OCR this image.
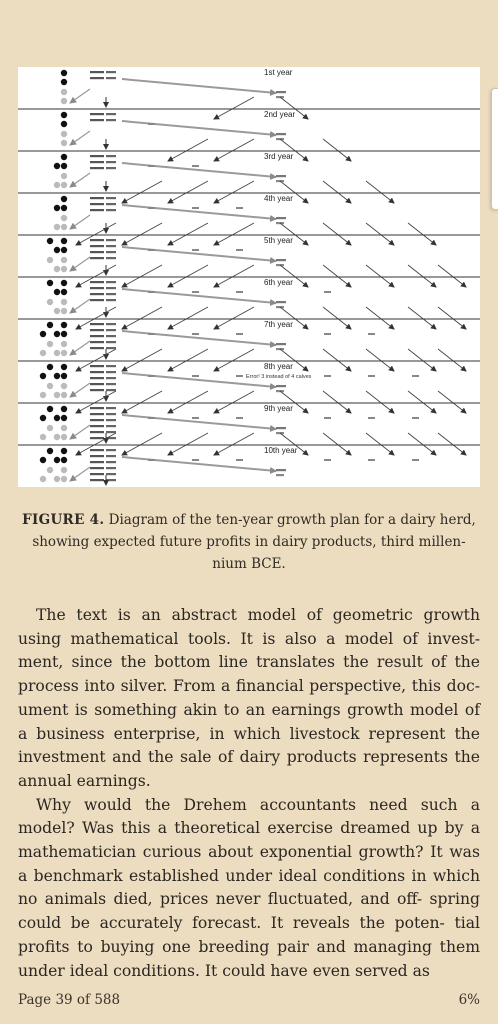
1st year
2nd year
3rd year
4th year
5th year
6th year
7th year
8th year
9th year
10th year
Error! 3 instead of 4 calves
FIGURE 4. Diagram of the ten-year growth plan for a dairy herd, showing expected future profits in dairy products, third millen- nium BCE.

The text is an abstract model of geometric growth using mathematical tools. It is also a model of invest- ment, since the bottom line translates the result of the process into silver. From a financial perspective, this doc- ument is something akin to an earnings growth model of a business enterprise, in which livestock represent the investment and the sale of dairy products represents the annual earnings.

Why would the Drehem accountants need such a model? Was this a theoretical exercise dreamed up by a mathematician curious about exponential growth? It was a benchmark established under ideal conditions in which no animals died, prices never fluctuated, and off- spring could be accurately forecast. It reveals the poten- tial profits to buying one breeding pair and managing them under ideal conditions. It could have even served as

Page 39 of 588	6%
